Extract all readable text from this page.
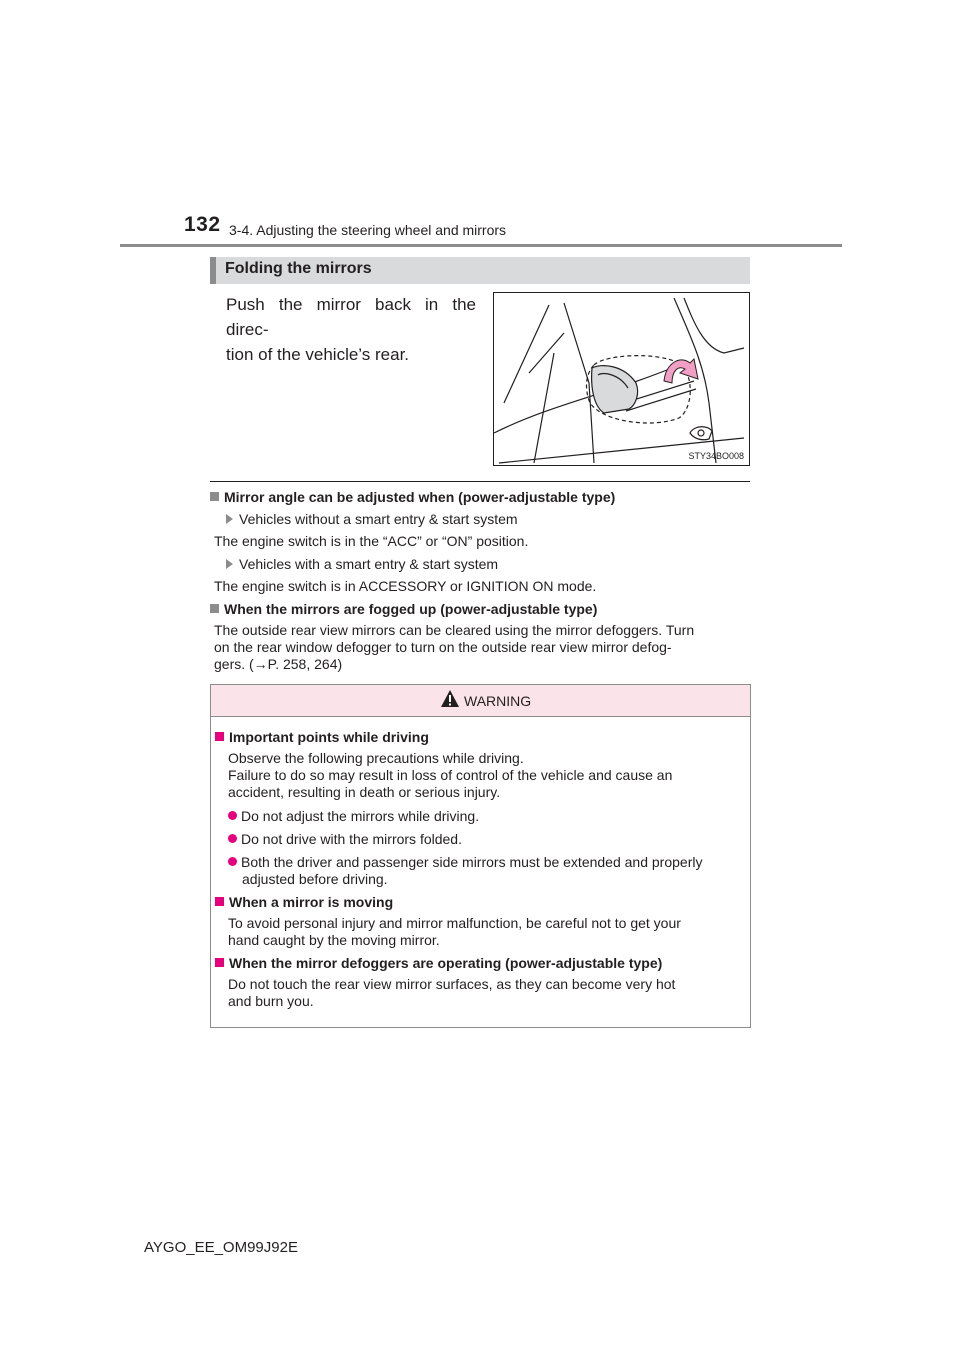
132 3-4. Adjusting the steering wheel and mirrors
Folding the mirrors
Push the mirror back in the direc-
tion of the vehicle’s rear.
STY34BO008
Mirror angle can be adjusted when (power-adjustable type)
Vehicles without a smart entry & start system
The engine switch is in the “ACC” or “ON” position.
Vehicles with a smart entry & start system
The engine switch is in ACCESSORY or IGNITION ON mode.
When the mirrors are fogged up (power-adjustable type)
The outside rear view mirrors can be cleared using the mirror defoggers. Turn
on the rear window defogger to turn on the outside rear view mirror defog-
gers. (→P. 258, 264)
WARNING
Important points while driving
Observe the following precautions while driving.
Failure to do so may result in loss of control of the vehicle and cause an
accident, resulting in death or serious injury.
Do not adjust the mirrors while driving.
Do not drive with the mirrors folded.
Both the driver and passenger side mirrors must be extended and properly
adjusted before driving.
When a mirror is moving
To avoid personal injury and mirror malfunction, be careful not to get your
hand caught by the moving mirror.
When the mirror defoggers are operating (power-adjustable type)
Do not touch the rear view mirror surfaces, as they can become very hot
and burn you.
AYGO_EE_OM99J92E
